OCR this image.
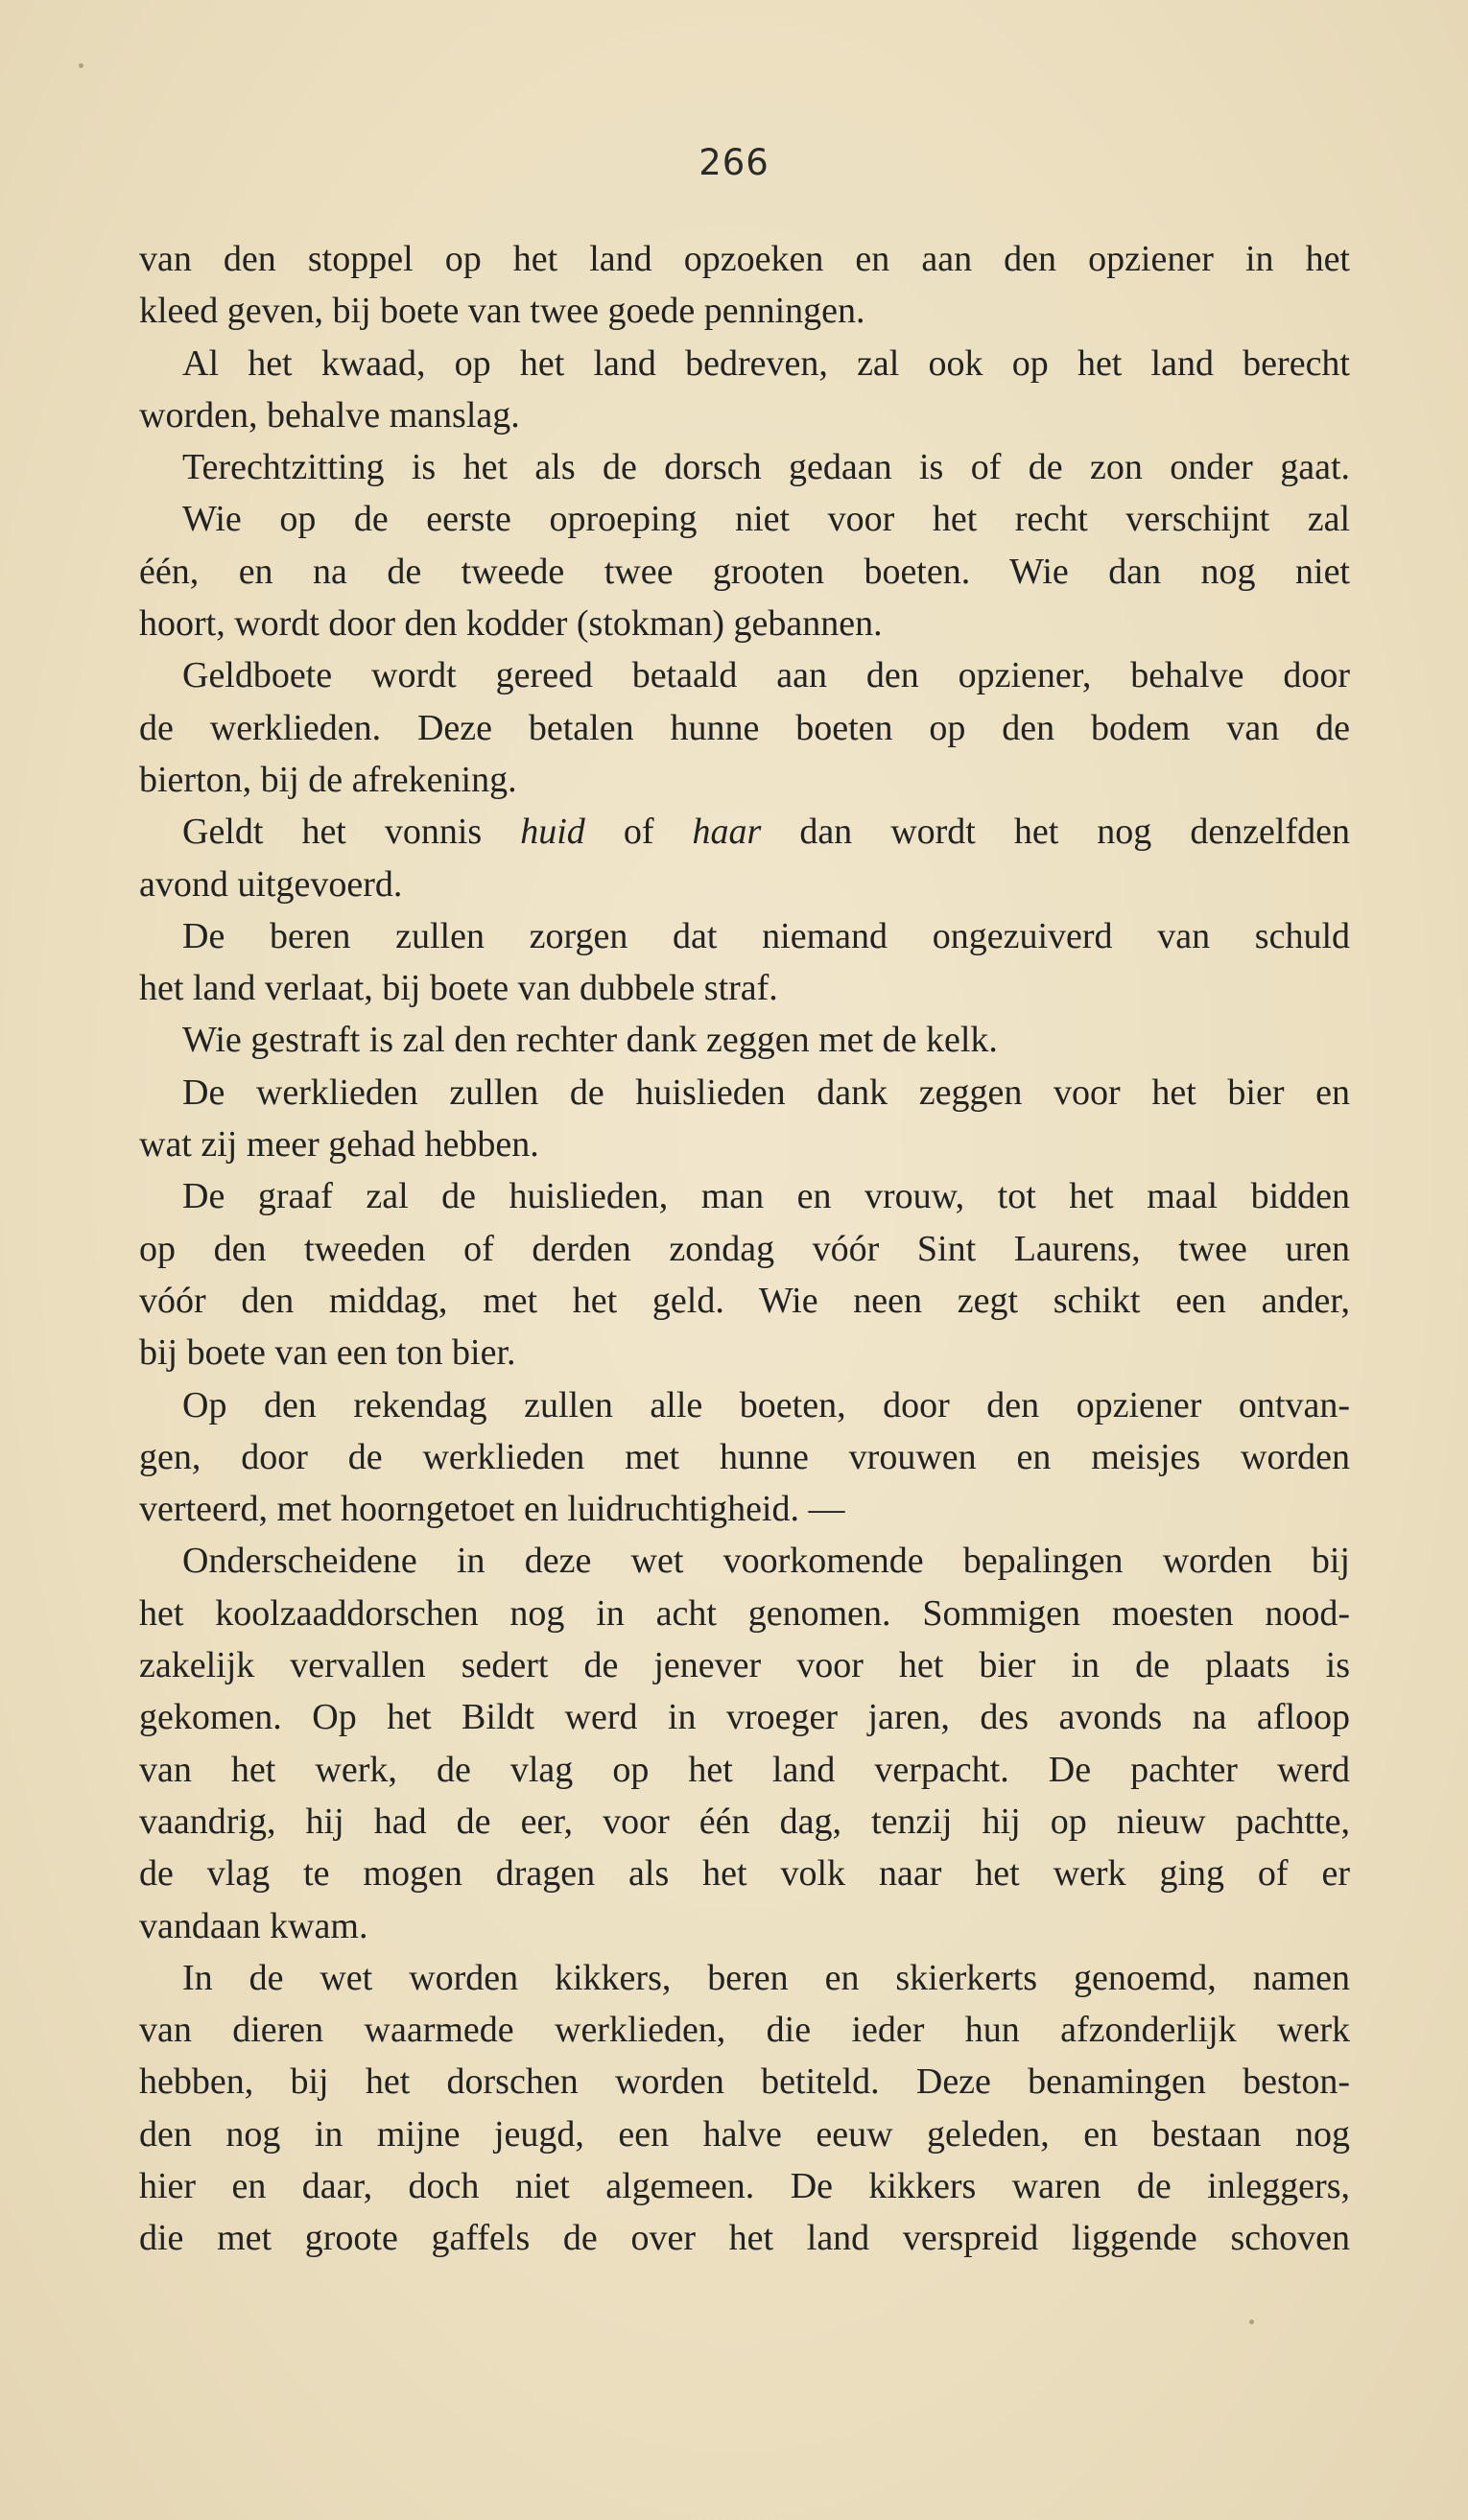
266
van den stoppel op het land opzoeken en aan den opziener in het
kleed geven, bij boete van twee goede penningen.
Al het kwaad, op het land bedreven, zal ook op het land berecht
worden, behalve manslag.
Terechtzitting is het als de dorsch gedaan is of de zon onder gaat.
Wie op de eerste oproeping niet voor het recht verschijnt zal
één, en na de tweede twee grooten boeten. Wie dan nog niet
hoort, wordt door den kodder (stokman) gebannen.
Geldboete wordt gereed betaald aan den opziener, behalve door
de werklieden. Deze betalen hunne boeten op den bodem van de
bierton, bij de afrekening.
Geldt het vonnis huid of haar dan wordt het nog denzelfden
avond uitgevoerd.
De beren zullen zorgen dat niemand ongezuiverd van schuld
het land verlaat, bij boete van dubbele straf.
Wie gestraft is zal den rechter dank zeggen met de kelk.
De werklieden zullen de huislieden dank zeggen voor het bier en
wat zij meer gehad hebben.
De graaf zal de huislieden, man en vrouw, tot het maal bidden
op den tweeden of derden zondag vóór Sint Laurens, twee uren
vóór den middag, met het geld. Wie neen zegt schikt een ander,
bij boete van een ton bier.
Op den rekendag zullen alle boeten, door den opziener ontvan-
gen, door de werklieden met hunne vrouwen en meisjes worden
verteerd, met hoorngetoet en luidruchtigheid. —
Onderscheidene in deze wet voorkomende bepalingen worden bij
het koolzaaddorschen nog in acht genomen. Sommigen moesten nood-
zakelijk vervallen sedert de jenever voor het bier in de plaats is
gekomen. Op het Bildt werd in vroeger jaren, des avonds na afloop
van het werk, de vlag op het land verpacht. De pachter werd
vaandrig, hij had de eer, voor één dag, tenzij hij op nieuw pachtte,
de vlag te mogen dragen als het volk naar het werk ging of er
vandaan kwam.
In de wet worden kikkers, beren en skierkerts genoemd, namen
van dieren waarmede werklieden, die ieder hun afzonderlijk werk
hebben, bij het dorschen worden betiteld. Deze benamingen beston-
den nog in mijne jeugd, een halve eeuw geleden, en bestaan nog
hier en daar, doch niet algemeen. De kikkers waren de inleggers,
die met groote gaffels de over het land verspreid liggende schoven
